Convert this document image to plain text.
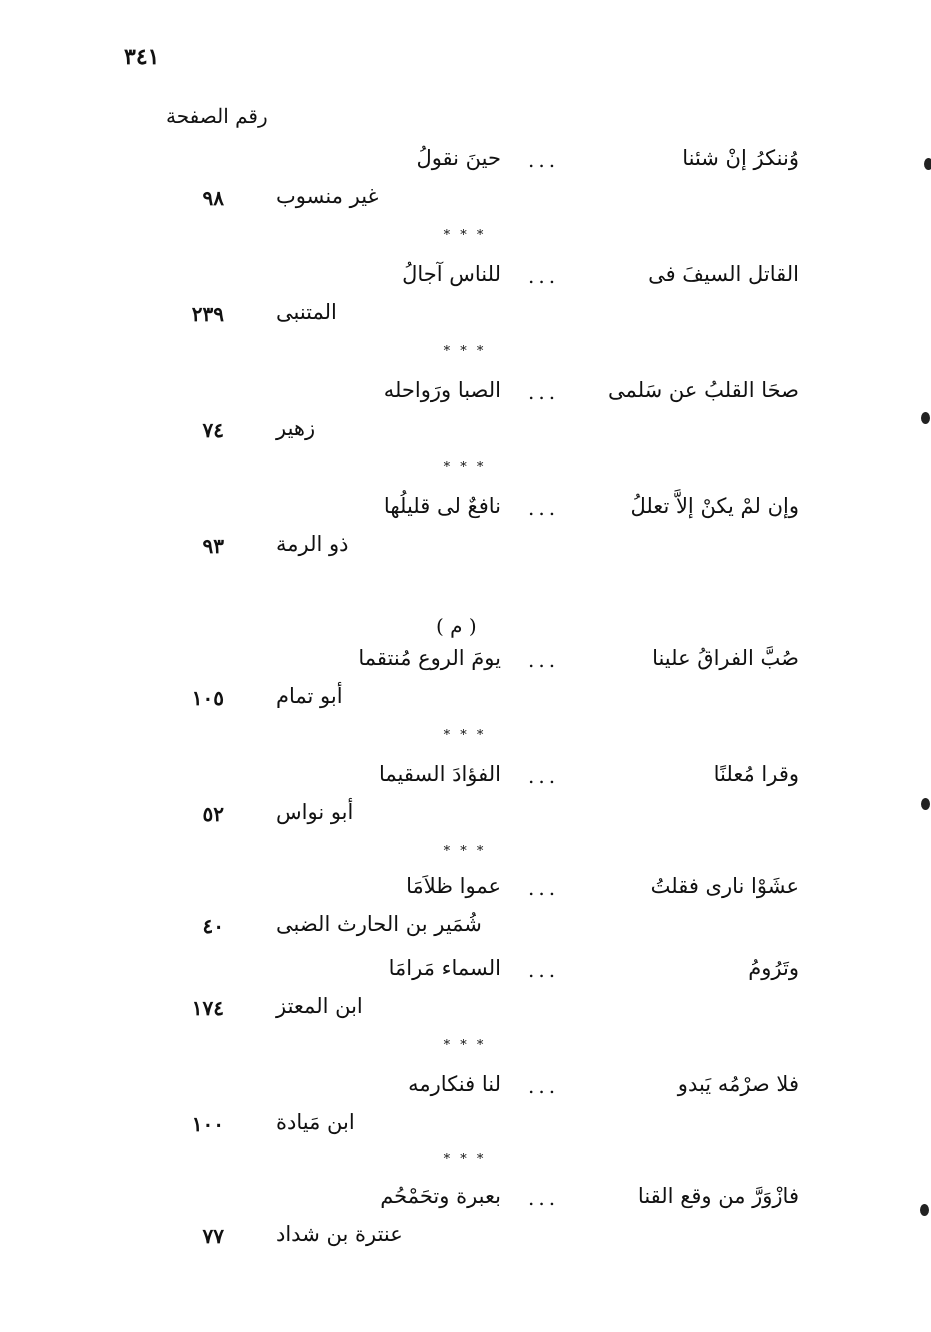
٣٤١
رقم الصفحة
وُننكرُ إنْ شئنا
...
حينَ نقولُ
غير منسوب
٩٨
* * *
القاتل السيفَ فى
...
للناس آجالُ
المتنبى
٢٣٩
* * *
صحَا القلبُ عن سَلمى
...
الصبا ورَواحله
زهير
٧٤
* * *
وإن لمْ يكنْ إلاَّ تعللُ
...
نافعٌ لى قليلُها
ذو الرمة
٩٣
( م )
صُبَّ الفراقُ علينا
...
يومَ الروع مُنتقما
أبو تمام
١٠٥
* * *
وقرا مُعلنًا
...
الفؤادَ السقيما
أبو نواس
٥٢
* * *
عشَوْا نارى فقلتُ
...
عموا ظلاَمَا
شُمَير بن الحارث الضبى
٤٠
وتَرُومُ
...
السماء مَرامَا
ابن المعتز
١٧٤
* * *
فلا صرْمُه يَبدو
...
لنا فنكارمه
ابن مَيادة
١٠٠
* * *
فازْوَرَّ من وقع القنا
...
بعبرة وتحَمْحُم
عنترة بن شداد
٧٧
